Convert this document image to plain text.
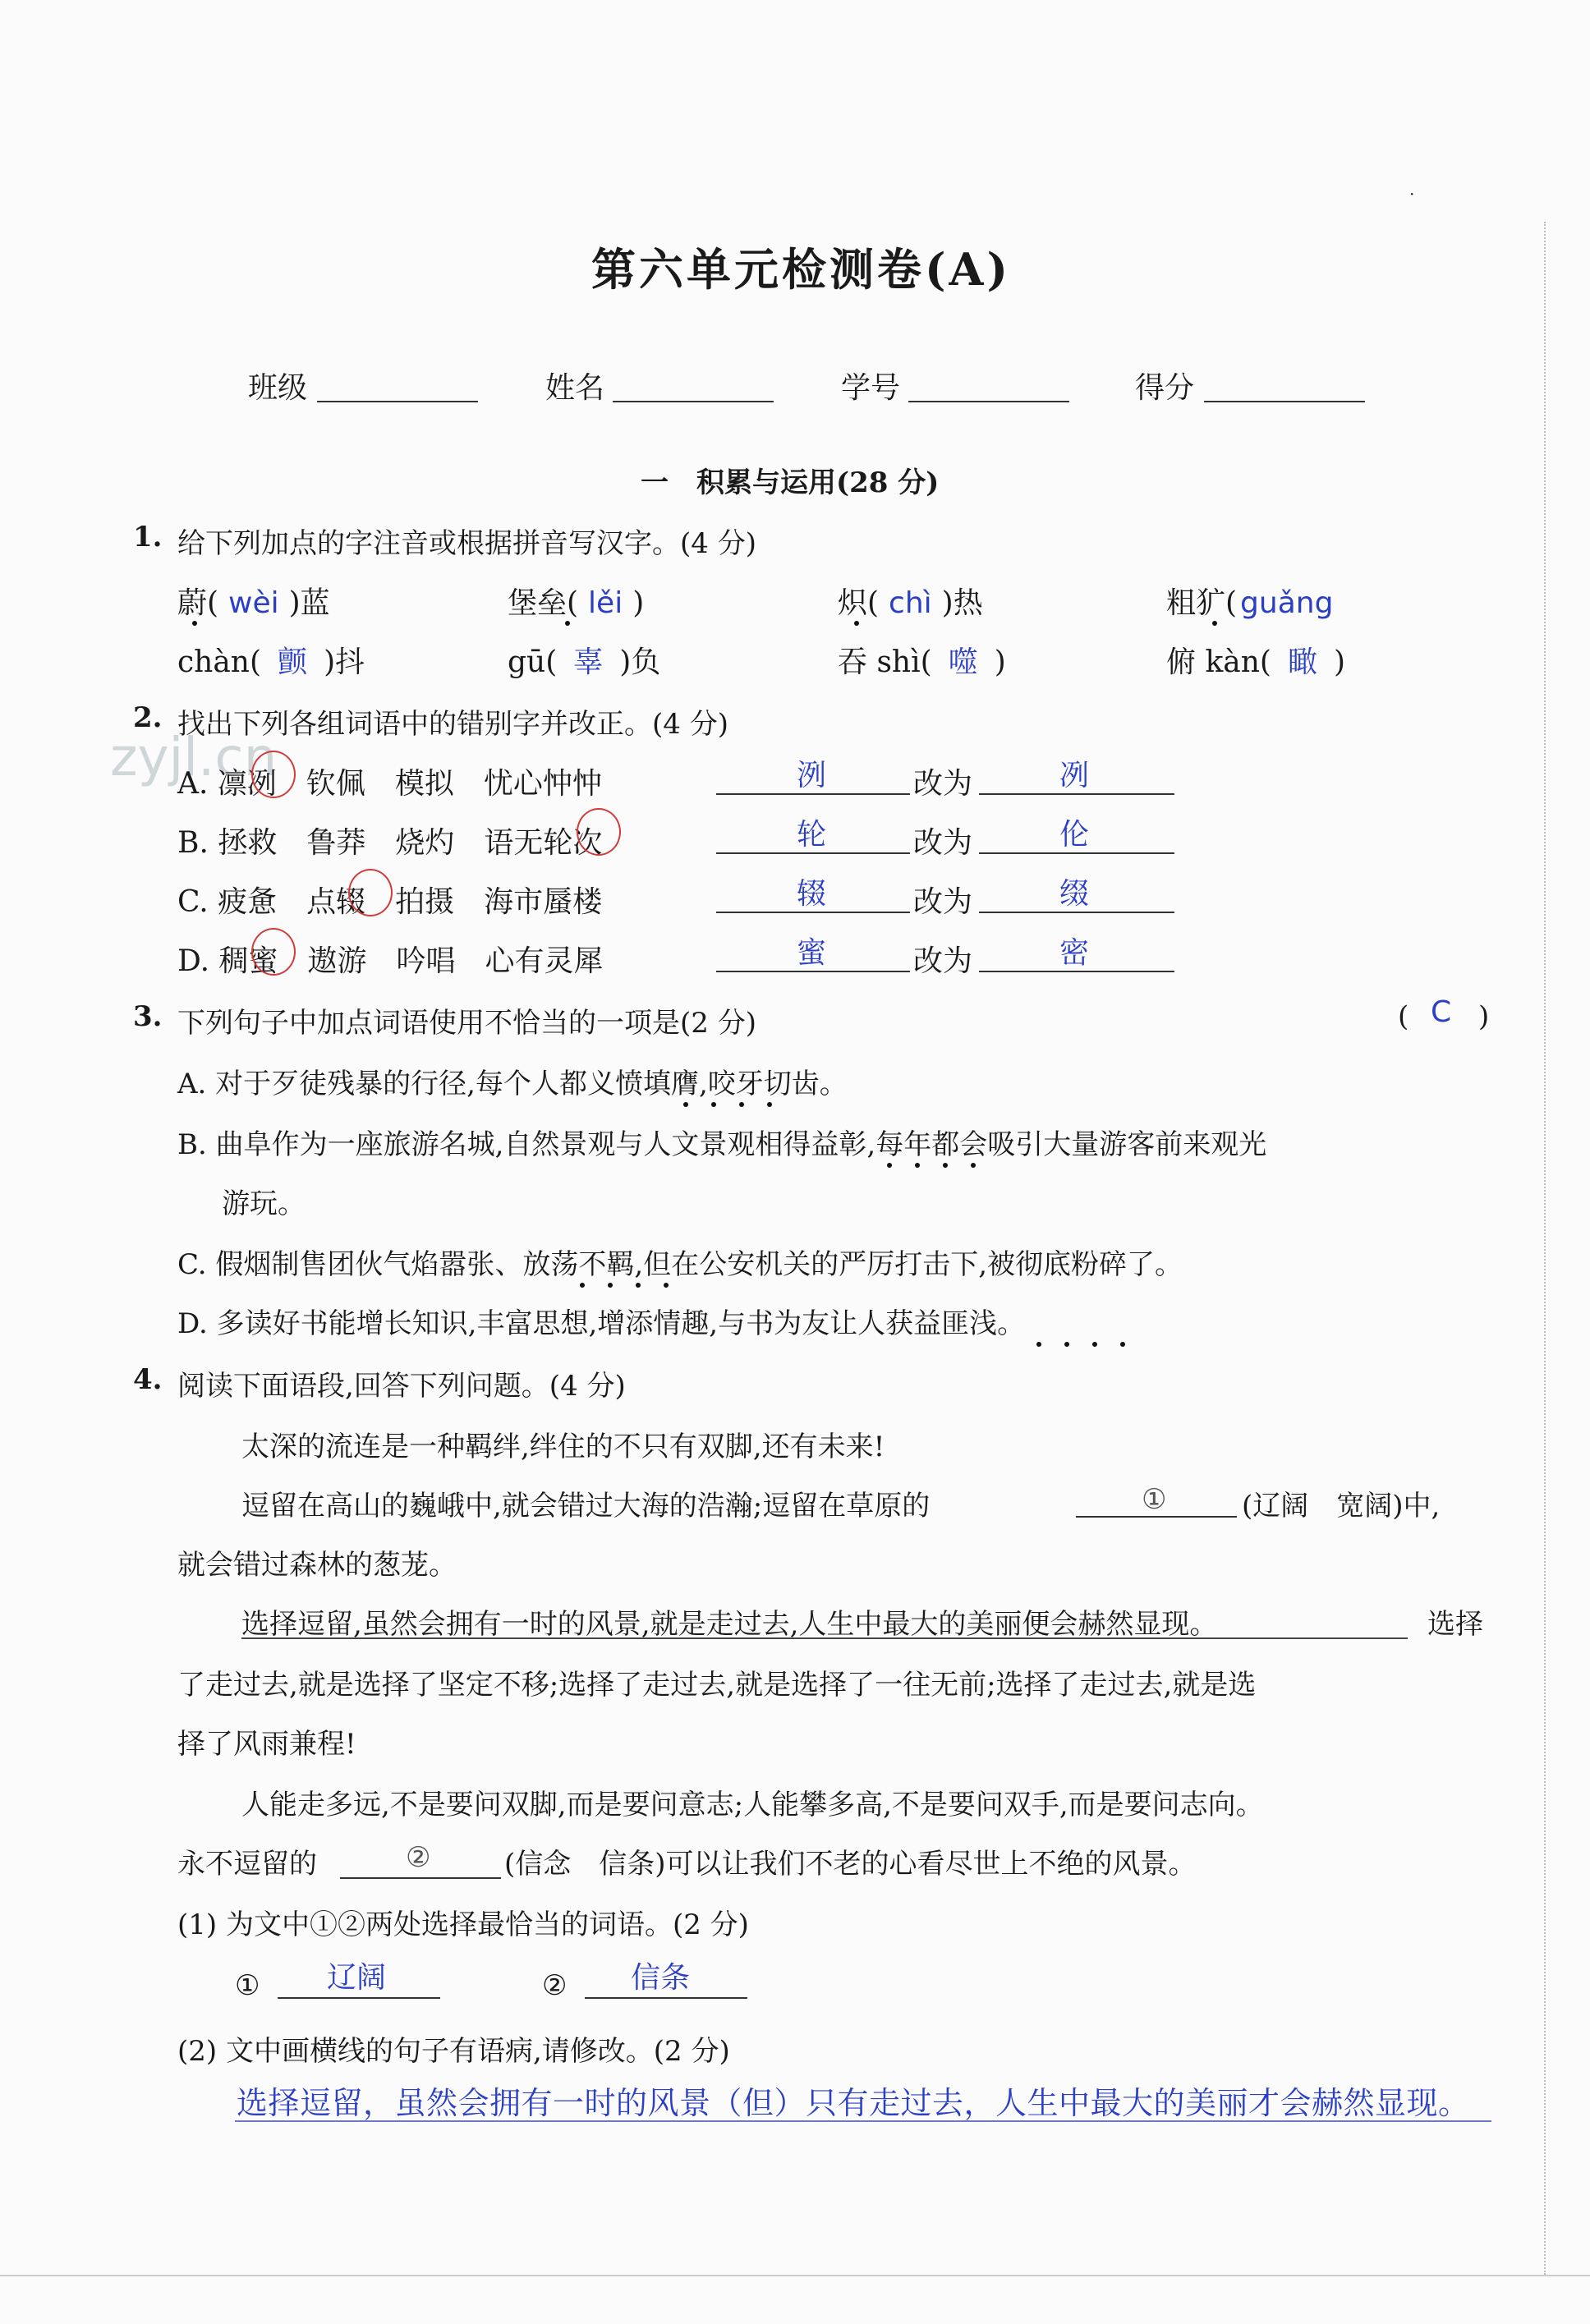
·
第六单元检测卷(A)
班级	姓名	学号	得分
一　积累与运用(28 分)
zyjl.cn
1. 给下列加点的字注音或根据拼音写汉字。(4 分)
蔚( wèi )蓝	堡垒( lěi )	炽( chì )热	粗犷( guǎng
chàn( 颤 )抖	gū( 辜 )负	吞 shì( 噬 )	俯 kàn( 瞰 )
2. 找出下列各组词语中的错别字并改正。(4 分)
A. 凛冽　钦佩　模拟　忧心忡忡	洌	改为	冽
B. 拯救　鲁莽　烧灼　语无轮次	轮	改为	伦
C. 疲惫　点辍　拍摄　海市蜃楼	辍	改为	缀
D. 稠蜜　遨游　吟唱　心有灵犀	蜜	改为	密
3. 下列句子中加点词语使用不恰当的一项是(2 分)	( C )
A. 对于歹徒残暴的行径,每个人都义愤填膺,咬牙切齿。
B. 曲阜作为一座旅游名城,自然景观与人文景观相得益彰,每年都会吸引大量游客前来观光
游玩。
C. 假烟制售团伙气焰嚣张、放荡不羁,但在公安机关的严厉打击下,被彻底粉碎了。
D. 多读好书能增长知识,丰富思想,增添情趣,与书为友让人获益匪浅。
4. 阅读下面语段,回答下列问题。(4 分)
太深的流连是一种羁绊,绊住的不只有双脚,还有未来!
逗留在高山的巍峨中,就会错过大海的浩瀚;逗留在草原的	①	(辽阔　宽阔)中,
就会错过森林的葱茏。
选择逗留,虽然会拥有一时的风景,就是走过去,人生中最大的美丽便会赫然显现。	选择
了走过去,就是选择了坚定不移;选择了走过去,就是选择了一往无前;选择了走过去,就是选
择了风雨兼程!
人能走多远,不是要问双脚,而是要问意志;人能攀多高,不是要问双手,而是要问志向。
永不逗留的	②	(信念　信条)可以让我们不老的心看尽世上不绝的风景。
(1) 为文中①②两处选择最恰当的词语。(2 分)
① 辽阔	② 信条
(2) 文中画横线的句子有语病,请修改。(2 分)
选择逗留，虽然会拥有一时的风景（但）只有走过去，人生中最大的美丽才会赫然显现。
